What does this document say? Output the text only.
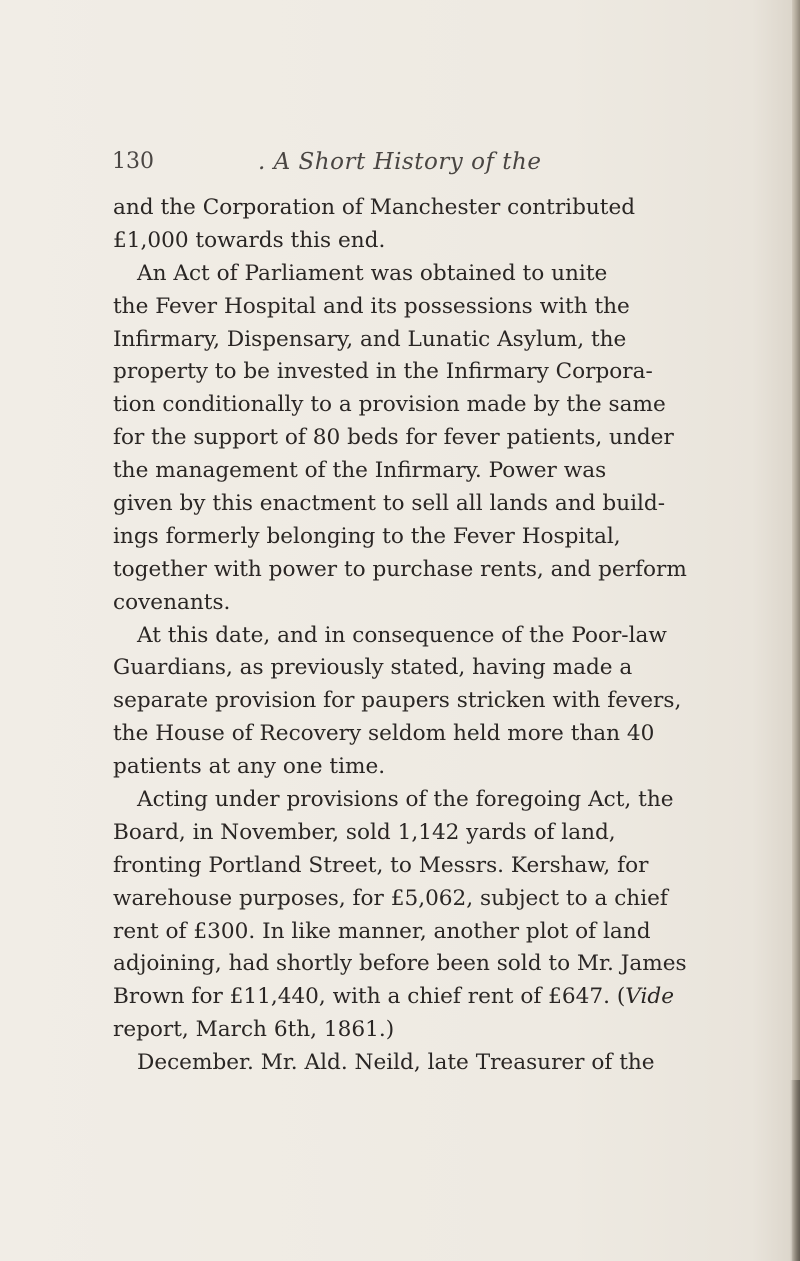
130	. A Short History of the
and the Corporation of Manchester contributed
£1,000 towards this end.
An Act of Parliament was obtained to unite
the Fever Hospital and its possessions with the
Infirmary, Dispensary, and Lunatic Asylum, the
property to be invested in the Infirmary Corpora-
tion conditionally to a provision made by the same
for the support of 80 beds for fever patients, under
the management of the Infirmary. Power was
given by this enactment to sell all lands and build-
ings formerly belonging to the Fever Hospital,
together with power to purchase rents, and perform
covenants.
At this date, and in consequence of the Poor-law
Guardians, as previously stated, having made a
separate provision for paupers stricken with fevers,
the House of Recovery seldom held more than 40
patients at any one time.
Acting under provisions of the foregoing Act, the
Board, in November, sold 1,142 yards of land,
fronting Portland Street, to Messrs. Kershaw, for
warehouse purposes, for £5,062, subject to a chief
rent of £300. In like manner, another plot of land
adjoining, had shortly before been sold to Mr. James
Brown for £11,440, with a chief rent of £647. (Vide
report, March 6th, 1861.)
December. Mr. Ald. Neild, late Treasurer of the
